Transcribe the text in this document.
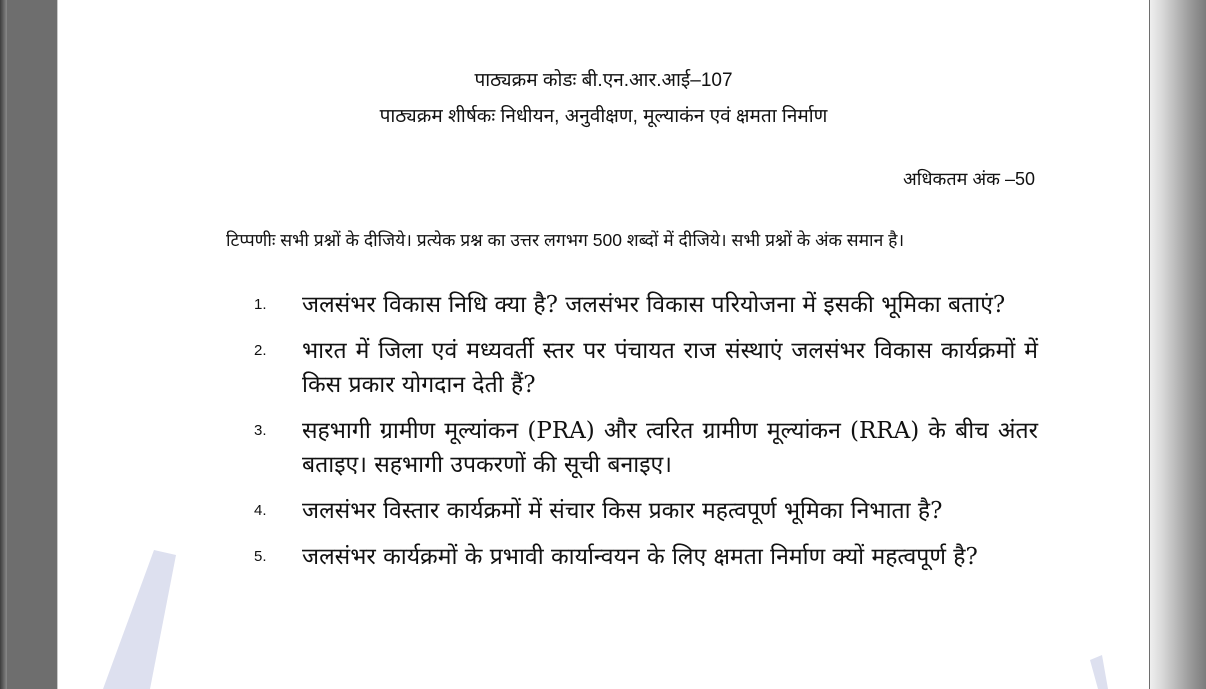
पाठ्यक्रम कोडः बी.एन.आर.आई–107
पाठ्यक्रम शीर्षकः निधीयन, अनुवीक्षण, मूल्याकंन एवं क्षमता निर्माण
अधिकतम अंक –50
टिप्पणीः सभी प्रश्नों के दीजिये। प्रत्येक प्रश्न का उत्तर लगभग 500 शब्दों में दीजिये। सभी प्रश्नों के अंक समान है।
1. जलसंभर विकास निधि क्या है? जलसंभर विकास परियोजना में इसकी भूमिका बताएं?
2. भारत में जिला एवं मध्यवर्ती स्तर पर पंचायत राज संस्थाएं जलसंभर विकास कार्यक्रमों में किस प्रकार योगदान देती हैं?
3. सहभागी ग्रामीण मूल्यांकन (PRA) और त्वरित ग्रामीण मूल्यांकन (RRA) के बीच अंतर बताइए। सहभागी उपकरणों की सूची बनाइए।
4. जलसंभर विस्तार कार्यक्रमों में संचार किस प्रकार महत्वपूर्ण भूमिका निभाता है?
5. जलसंभर कार्यक्रमों के प्रभावी कार्यान्वयन के लिए क्षमता निर्माण क्यों महत्वपूर्ण है?
